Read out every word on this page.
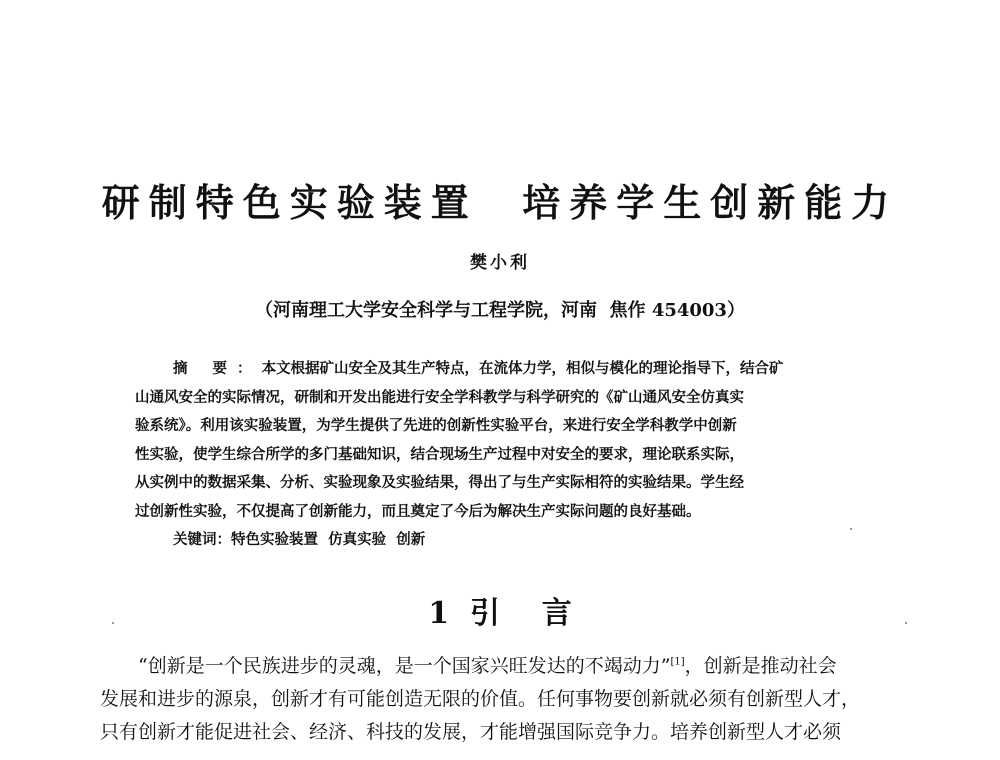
研制特色实验装置  培养学生创新能力
樊小利
（河南理工大学安全科学与工程学院，河南  焦作 454003）
摘 要：本文根据矿山安全及其生产特点，在流体力学，相似与模化的理论指导下，结合矿
山通风安全的实际情况，研制和开发出能进行安全学科教学与科学研究的《矿山通风安全仿真实
验系统》。利用该实验装置，为学生提供了先进的创新性实验平台，来进行安全学科教学中创新
性实验，使学生综合所学的多门基础知识，结合现场生产过程中对安全的要求，理论联系实际，
从实例中的数据采集、分析、实验现象及实验结果，得出了与生产实际相符的实验结果。学生经
过创新性实验，不仅提高了创新能力，而且奠定了今后为解决生产实际问题的良好基础。
关键词：特色实验装置  仿真实验  创新
1  引    言
“创新是一个民族进步的灵魂，是一个国家兴旺发达的不竭动力”[1]，创新是推动社会
发展和进步的源泉，创新才有可能创造无限的价值。任何事物要创新就必须有创新型人才，
只有创新才能促进社会、经济、科技的发展，才能增强国际竞争力。培养创新型人才必须
